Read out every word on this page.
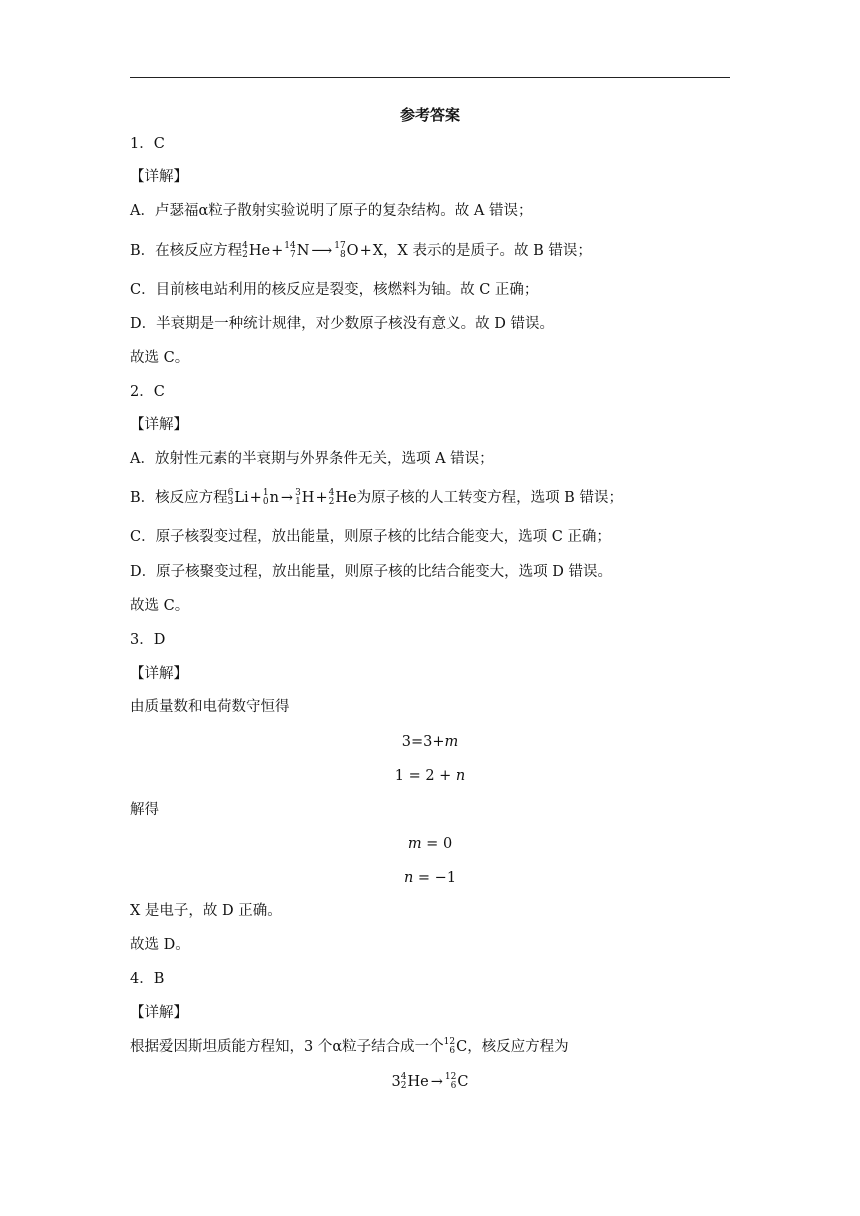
参考答案
1．C
【详解】
A．卢瑟福α粒子散射实验说明了原子的复杂结构。故 A 错误；
B．在核反应方程 4
2 He + 14
7 N ⟶ 17
8 O +X，X 表示的是质子。故 B 错误；
C．目前核电站利用的核反应是裂变，核燃料为铀。故 C 正确；
D．半衰期是一种统计规律，对少数原子核没有意义。故 D 错误。
故选 C。
2．C
【详解】
A．放射性元素的半衰期与外界条件无关，选项 A 错误；
B．核反应方程 6
3 Li + 1
0 n → 3
1 H + 4
2 He 为原子核的人工转变方程，选项 B 错误；
C．原子核裂变过程，放出能量，则原子核的比结合能变大，选项 C 正确；
D．原子核聚变过程，放出能量，则原子核的比结合能变大，选项 D 错误。
故选 C。
3．D
【详解】
由质量数和电荷数守恒得
3=3+m
1 = 2 + n
解得
m = 0
n = −1
X 是电子，故 D 正确。
故选 D。
4．B
【详解】
根据爱因斯坦质能方程知，3 个α粒子结合成一个 12
6 C ，核反应方程为
3 4
2 He → 12
6 C
